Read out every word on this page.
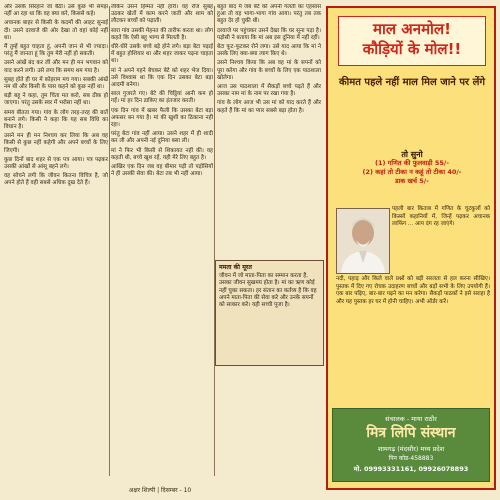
और उसके सिरहाने जा बैठी। उसे कुछ भी समझ नहीं आ रहा था कि वह क्या करे, किससे कहे।

अचानक बाहर से किसी के कदमों की आहट सुनाई दी। उसने दरवाजे की ओर देखा तो वहां कोई नहीं था।

मैं तुम्हें बहुत चाहता हूं, अपनी जान से भी ज्यादा। परंतु मैं जानता हूं कि तुम मेरी नहीं हो सकती।

उसने आंखें बंद कर लीं और मन ही मन भगवान को याद करने लगी। उसे लगा कि समय थम गया है।

सुबह होते ही घर में कोहराम मच गया। सबकी आंखें नम थीं और किसी के पास कहने को कुछ नहीं था।

बड़ी बहू ने कहा, तुम चिंता मत करो, सब ठीक हो जाएगा। परंतु उसके स्वर में भरोसा नहीं था।

समय बीतता गया। गांव के लोग तरह-तरह की बातें बनाने लगे। किसी ने कहा कि यह सब विधि का विधान है।

उसने मन ही मन निश्चय कर लिया कि अब वह किसी से कुछ नहीं कहेगी और अपने बच्चों के लिए जिएगी।

कुछ दिनों बाद शहर से एक पत्र आया। पत्र पढ़कर उसकी आंखों से आंसू बहने लगे।

वह सोचने लगी कि जीवन कितना विचित्र है, जो अपने होते हैं वही सबसे अधिक दुख देते हैं।

लेकिन उसने हिम्मत नहीं हारी। वह रोज सुबह उठकर खेतों में काम करने जाती और शाम को लौटकर बच्चों को पढ़ाती।

सारा गांव उसकी मेहनत की तारीफ करता था। लोग कहते कि ऐसी बहू भाग्य से मिलती है।

धीरे-धीरे उसके बच्चे बड़े होने लगे। बड़ा बेटा पढ़ाई में बहुत होशियार था और शहर जाकर पढ़ना चाहता था।

मां ने अपने गहने बेचकर बेटे को शहर भेज दिया। उसे विश्वास था कि एक दिन उसका बेटा बड़ा आदमी बनेगा।

साल गुजरते गए। बेटे की चिट्ठियां आनी कम हो गईं। मां हर दिन डाकिए का इंतजार करती।

एक दिन गांव में खबर फैली कि उसका बेटा बड़ा अफसर बन गया है। मां की खुशी का ठिकाना नहीं रहा।

परंतु बेटा गांव नहीं आया। उसने शहर में ही शादी कर ली और अपनी नई दुनिया बसा ली।

मां ने फिर भी किसी से शिकायत नहीं की। वह कहती थी, बच्चे खुश रहें, यही मेरे लिए बहुत है।

आखिर एक दिन जब वह बीमार पड़ी तो पड़ोसियों ने ही उसकी सेवा की। बेटा तब भी नहीं आया।

बहुत बाद में जब बेटे को अपनी गलती का एहसास हुआ तो वह भागा-भागा गांव आया। परंतु तब तक बहुत देर हो चुकी थी।

दरवाजे पर पहुंचकर उसने देखा कि घर सूना पड़ा है। पड़ोसी ने बताया कि मां अब इस दुनिया में नहीं रहीं।

बेटा फूट-फूटकर रोने लगा। उसे याद आया कि मां ने उसके लिए क्या-क्या त्याग किए थे।

उसने निश्चय किया कि अब वह मां के सपनों को पूरा करेगा और गांव के बच्चों के लिए एक पाठशाला खोलेगा।

आज उस पाठशाला में सैकड़ों बच्चे पढ़ते हैं और उसका नाम मां के नाम पर रखा गया है।

गांव के लोग आज भी उस मां को याद करते हैं और कहते हैं कि मां का प्यार सबसे बड़ा होता है।

ममता की मूरत
जीवन में जो माता-पिता का सम्मान करता है, उसका जीवन सुखमय होता है। मां का ऋण कोई नहीं चुका सकता। हर संतान का कर्तव्य है कि वह अपने माता-पिता की सेवा करे और उनके सपनों को साकार करे। यही सच्ची पूजा है।
माल अनमोल!
कौड़ियों के मोल!!
कीमत पहले नहीं माल मिल जाने पर लेंगे
तो सुनो
(1) गणित की फुलवाड़ी 55/-
(2) कहां तो टीका न कहूं तो टीका 40/-
डाक खर्च 5/-
पहली बार किताब में गणित के चुटकुलों को किस्सों कहानियों में, जिन्हें पढ़कर अचानक लाफिंग ... आप दंग रह जाएंगे।
नदी, पहाड़ और किले वाले प्रश्नों को बड़ी सरलता से हल करना सीखिए। पुस्तक में दिए गए रोचक उदाहरण बच्चों और बड़ों सभी के लिए उपयोगी हैं। एक बार पढ़िए, बार-बार पढ़ने का मन करेगा। सैकड़ों पाठकों ने इसे सराहा है और यह पुस्तक हर घर में होनी चाहिए। अभी ऑर्डर करें।
संचालक - माया राठौर
मित्र लिपि संस्थान
शामगढ़ (मंदसौर) मध्य प्रदेश
पिन कोड-458883
मो. 09993331161, 09926078893
अक्षर शिल्पी | दिसम्बर - 10
